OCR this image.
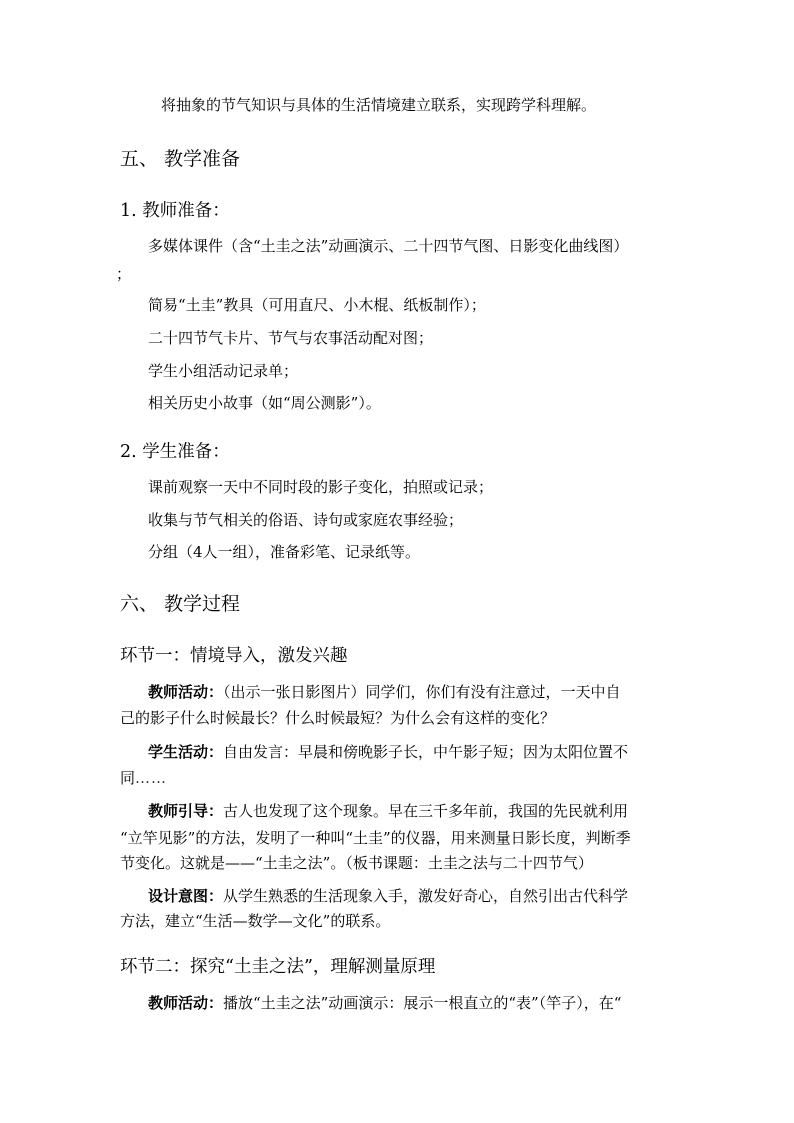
将抽象的节气知识与具体的生活情境建立联系，实现跨学科理解。
五、 教学准备
1. 教师准备：
多媒体课件（含“土圭之法”动画演示、二十四节气图、日影变化曲线图）
；
简易“土圭”教具（可用直尺、小木棍、纸板制作）；
二十四节气卡片、节气与农事活动配对图；
学生小组活动记录单；
相关历史小故事（如“周公测影”）。
2. 学生准备：
课前观察一天中不同时段的影子变化，拍照或记录；
收集与节气相关的俗语、诗句或家庭农事经验；
分组（4人一组），准备彩笔、记录纸等。
六、 教学过程
环节一：情境导入，激发兴趣
教师活动：（出示一张日影图片）同学们，你们有没有注意过，一天中自
己的影子什么时候最长？什么时候最短？为什么会有这样的变化？
学生活动：自由发言：早晨和傍晚影子长，中午影子短；因为太阳位置不
同……
教师引导：古人也发现了这个现象。早在三千多年前，我国的先民就利用
“立竿见影”的方法，发明了一种叫“土圭”的仪器，用来测量日影长度，判断季
节变化。这就是——“土圭之法”。（板书课题：土圭之法与二十四节气）
设计意图：从学生熟悉的生活现象入手，激发好奇心，自然引出古代科学
方法，建立“生活—数学—文化”的联系。
环节二：探究“土圭之法”，理解测量原理
教师活动：播放“土圭之法”动画演示：展示一根直立的“表”（竿子），在“
